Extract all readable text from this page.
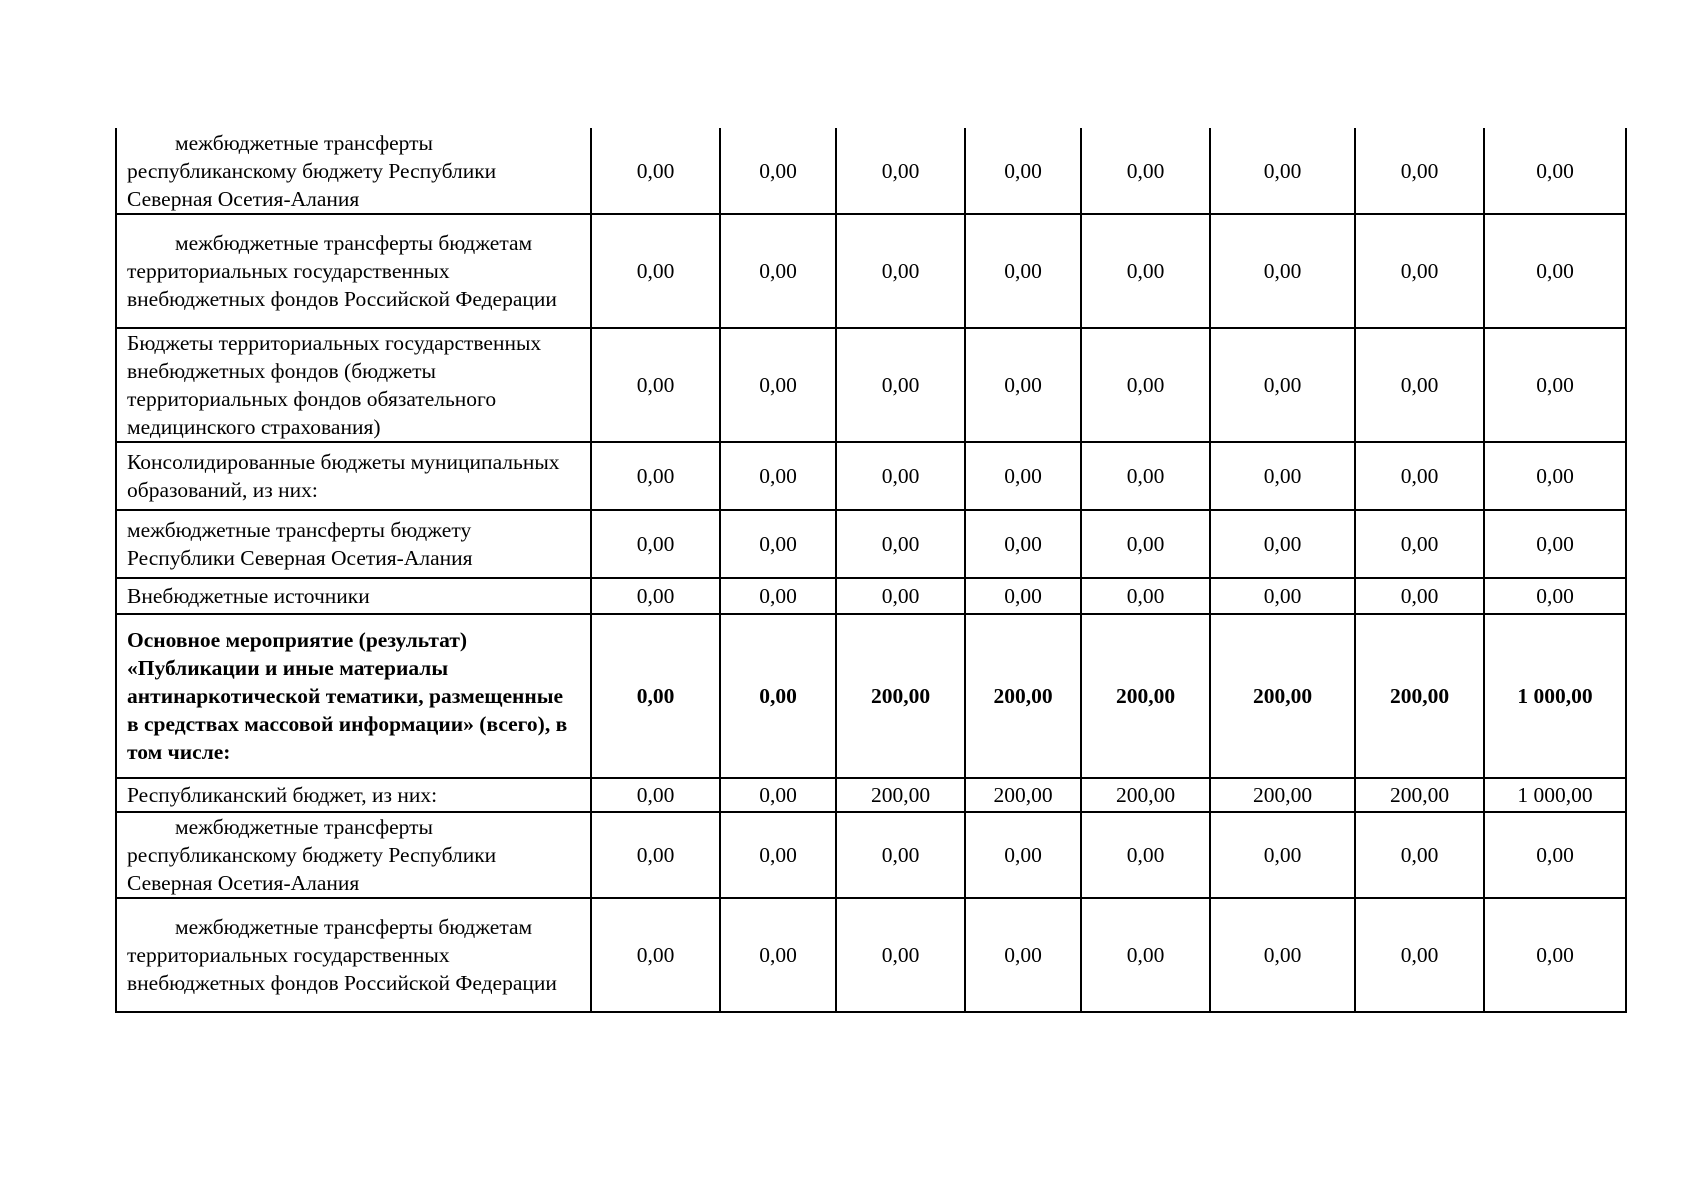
межбюджетные трансферты республиканскому бюджету Республики Северная Осетия-Алания	0,00	0,00	0,00	0,00	0,00	0,00	0,00	0,00
межбюджетные трансферты бюджетам территориальных государственных внебюджетных фондов Российской Федерации	0,00	0,00	0,00	0,00	0,00	0,00	0,00	0,00
Бюджеты территориальных государственных внебюджетных фондов (бюджеты территориальных фондов обязательного медицинского страхования)	0,00	0,00	0,00	0,00	0,00	0,00	0,00	0,00
Консолидированные бюджеты муниципальных образований, из них:	0,00	0,00	0,00	0,00	0,00	0,00	0,00	0,00
межбюджетные трансферты бюджету Республики Северная Осетия-Алания	0,00	0,00	0,00	0,00	0,00	0,00	0,00	0,00
Внебюджетные источники	0,00	0,00	0,00	0,00	0,00	0,00	0,00	0,00
Основное мероприятие (результат) «Публикации и иные материалы антинаркотической тематики, размещенные в средствах массовой информации» (всего), в том числе:	0,00	0,00	200,00	200,00	200,00	200,00	200,00	1 000,00
Республиканский бюджет, из них:	0,00	0,00	200,00	200,00	200,00	200,00	200,00	1 000,00
межбюджетные трансферты республиканскому бюджету Республики Северная Осетия-Алания	0,00	0,00	0,00	0,00	0,00	0,00	0,00	0,00
межбюджетные трансферты бюджетам территориальных государственных внебюджетных фондов Российской Федерации	0,00	0,00	0,00	0,00	0,00	0,00	0,00	0,00
